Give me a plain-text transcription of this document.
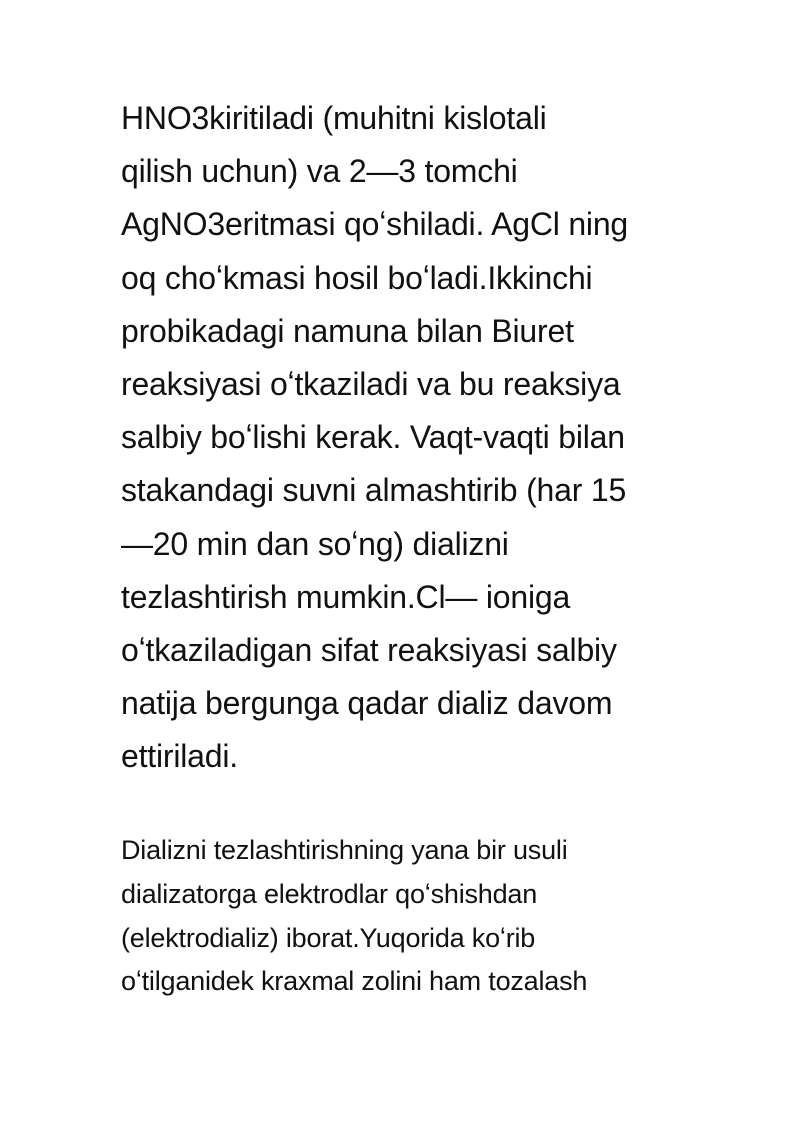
HNO3kiritiladi (muhitni kislotali
qilish uchun) va 2—3 tomchi
AgNO3eritmasi qoʻshiladi. AgCl ning
oq choʻkmasi hosil boʻladi.Ikkinchi
probikadagi namuna bilan Biuret
reaksiyasi oʻtkaziladi va bu reaksiya
salbiy boʻlishi kerak. Vaqt-vaqti bilan
stakandagi suvni almashtirib (har 15
—20 min dan soʻng) dializni
tezlashtirish mumkin.Cl— ioniga
oʻtkaziladigan sifat reaksiyasi salbiy
natija bergunga qadar dializ davom
ettiriladi.

Dializni tezlashtirishning yana bir usuli
dializatorga elektrodlar qoʻshishdan
(elektrodializ) iborat.Yuqorida koʻrib
oʻtilganidek kraxmal zolini ham tozalash
